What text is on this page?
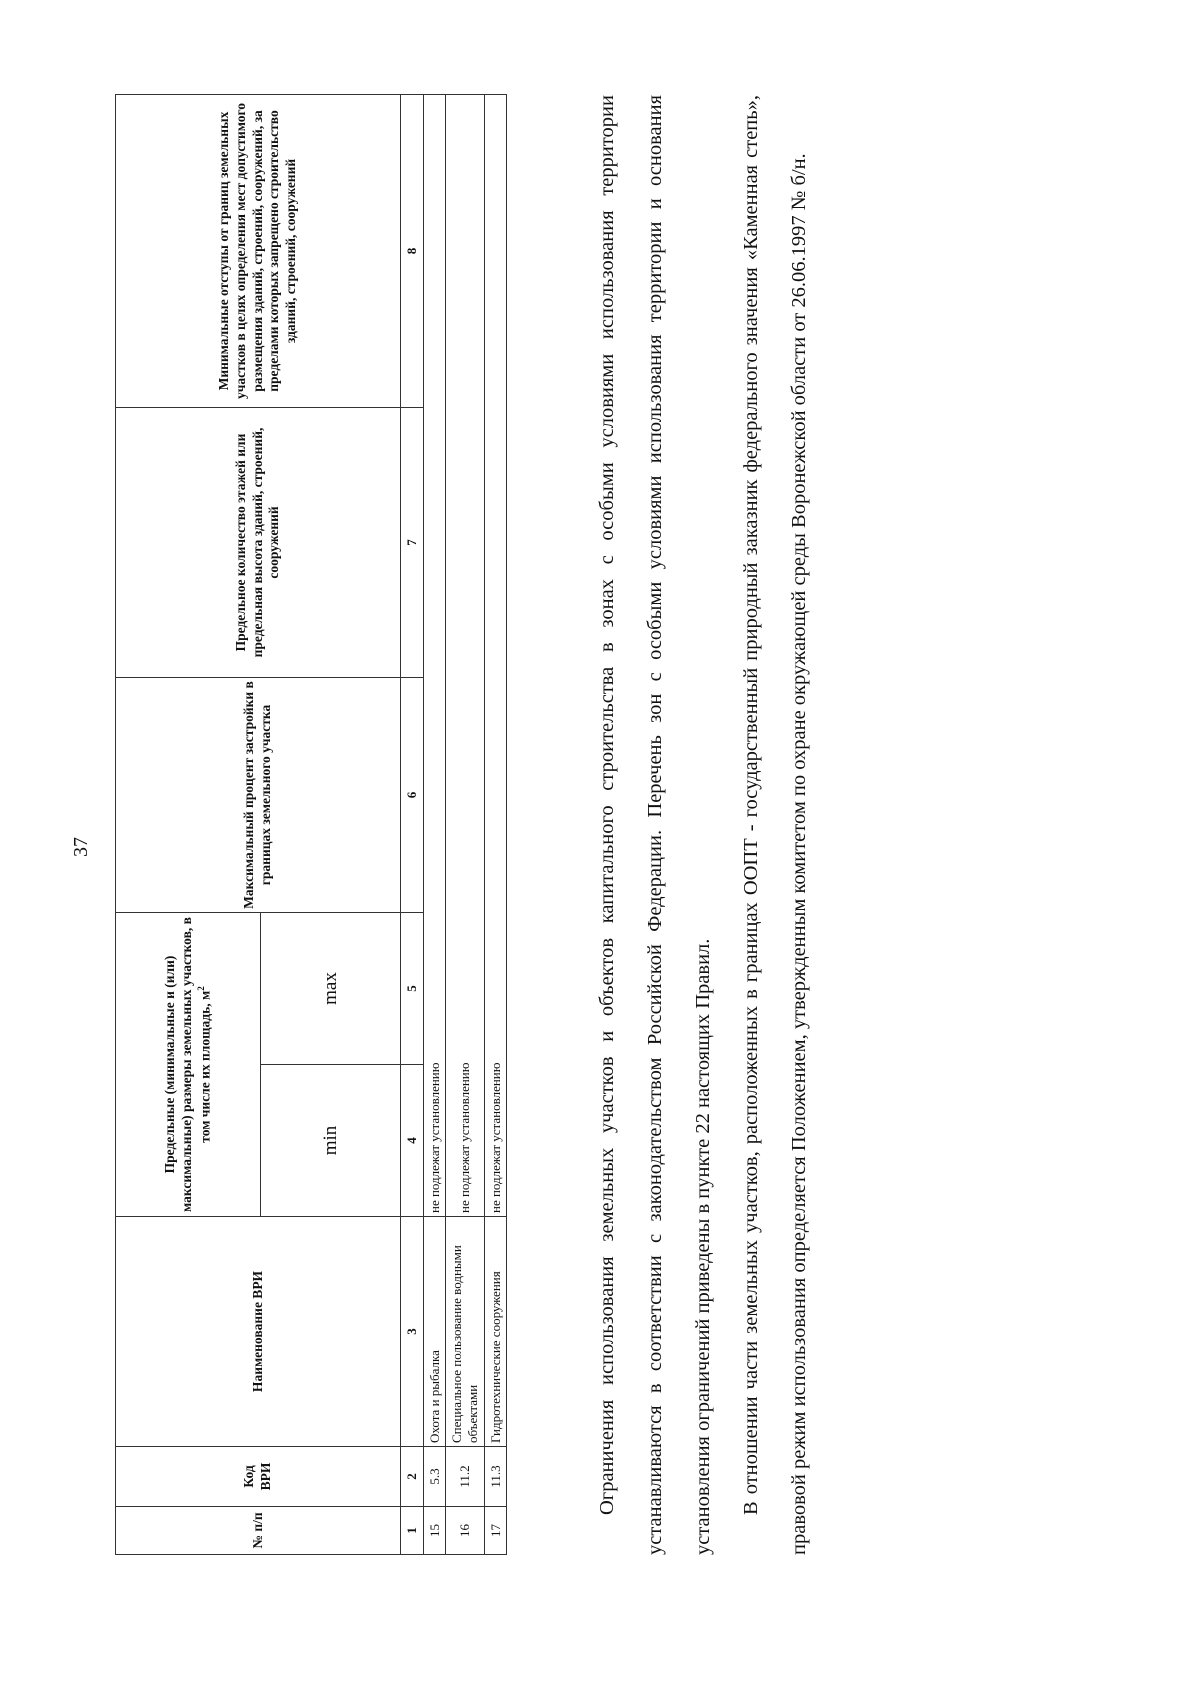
37
№ п/п	Код ВРИ	Наименование ВРИ	Предельные (минимальные и (или) максимальные) размеры земельных участков, в том числе их площадь, $м^2$		Максимальный процент застройки в границах земельного участка	Предельное количество этажей или предельная высота зданий, строений, сооружений	Минимальные отступы от границ земельных участков в целях определения мест допустимого размещения зданий, строений, сооружений, за пределами которых запрещено строительство зданий, строений, сооружений
			min	max			
1	2	3	4	5	6	7	8
15	5.3	Охота и рыбалка	не подлежат установлению				
16	11.2	Специальное пользование водными объектами	не подлежат установлению				
17	11.3	Гидротехнические сооружения	не подлежат установлению					Ограничения использования земельных участков и объектов капитального строительства в зонах с особыми условиями использования территории устанавливаются в соответствии с законодательством Российской Федерации. Перечень зон с особыми условиями использования территории и основания установления ограничений приведены в пункте 22 настоящих Правил.	В отношении части земельных участков, расположенных в границах ООПТ - государственный природный заказник федерального значения «Каменная степь», правовой режим использования определяется Положением, утвержденным комитетом по охране окружающей среды Воронежской области от 26.06.1997 № б/н.
